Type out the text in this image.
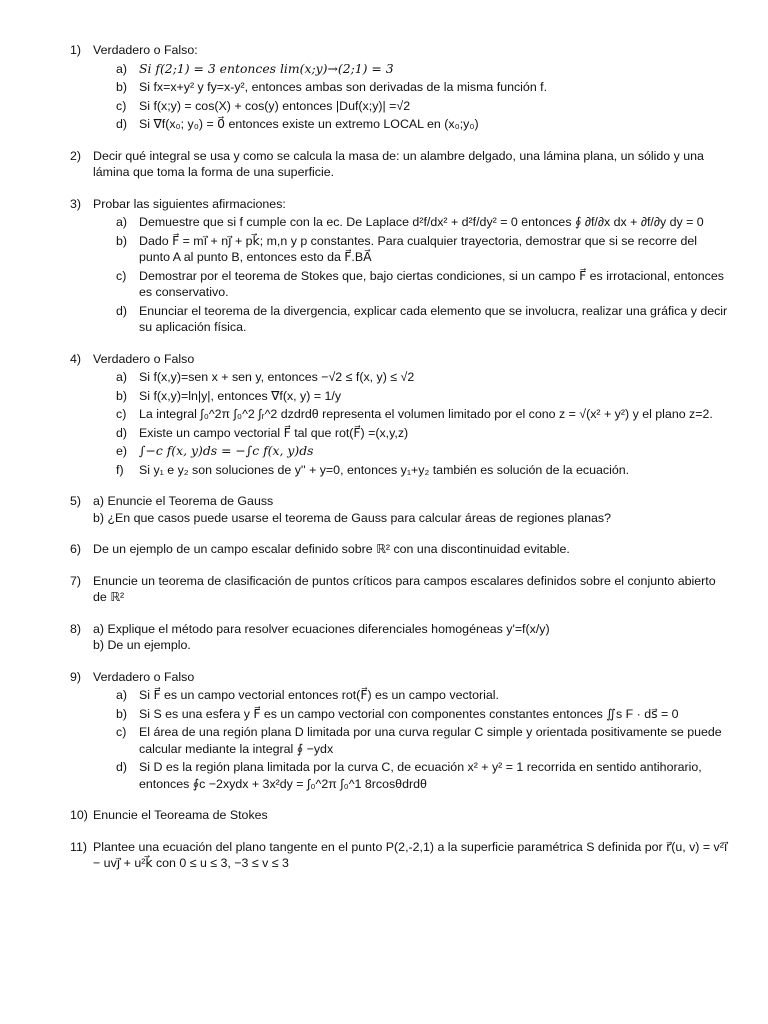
1) Verdadero o Falso:
a) Si f(2;1) = 3 entonces lim(x;y)→(2;1) = 3
b) Si fx=x+y² y fy=x-y², entonces ambas son derivadas de la misma función f.
c) Si f(x;y) = cos(X) + cos(y) entonces |Duf(x;y)| =√2
d) Si ∇f(x₀; y₀) = 0⃗ entonces existe un extremo LOCAL en (x₀;y₀)
2) Decir qué integral se usa y como se calcula la masa de: un alambre delgado, una lámina plana, un sólido y una lámina que toma la forma de una superficie.
3) Probar las siguientes afirmaciones:
a) Demuestre que si f cumple con la ec. De Laplace d²f/dx² + d²f/dy² = 0 entonces ∮ ∂f/∂x dx + ∂f/∂y dy = 0
b) Dado F⃗ = mi⃗ + nj⃗ + pk⃗; m,n y p constantes. Para cualquier trayectoria, demostrar que si se recorre del punto A al punto B, entonces esto da F⃗.BA⃗
c) Demostrar por el teorema de Stokes que, bajo ciertas condiciones, si un campo F⃗ es irrotacional, entonces es conservativo.
d) Enunciar el teorema de la divergencia, explicar cada elemento que se involucra, realizar una gráfica y decir su aplicación física.
4) Verdadero o Falso
a) Si f(x,y)=sen x + sen y, entonces −√2 ≤ f(x, y) ≤ √2
b) Si f(x,y)=ln|y|, entonces ∇f(x, y) = 1/y
c) La integral ∫₀^2π ∫₀^2 ∫ᵣ^2 dzdrdθ representa el volumen limitado por el cono z = √(x² + y²) y el plano z=2.
d) Existe un campo vectorial F⃗ tal que rot(F⃗) =(x,y,z)
e) ∫−c f(x, y)ds = −∫c f(x, y)ds
f) Si y₁ e y₂ son soluciones de y'' + y=0, entonces y₁+y₂ también es solución de la ecuación.
5) a) Enuncie el Teorema de Gauss
b) ¿En que casos puede usarse el teorema de Gauss para calcular áreas de regiones planas?
6) De un ejemplo de un campo escalar definido sobre ℝ² con una discontinuidad evitable.
7) Enuncie un teorema de clasificación de puntos críticos para campos escalares definidos sobre el conjunto abierto de ℝ²
8) a) Explique el método para resolver ecuaciones diferenciales homogéneas y'=f(x/y)
b) De un ejemplo.
9) Verdadero o Falso
a) Si F⃗ es un campo vectorial entonces rot(F⃗) es un campo vectorial.
b) Si S es una esfera y F⃗ es un campo vectorial con componentes constantes entonces ∬s F · ds⃗ = 0
c) El área de una región plana D limitada por una curva regular C simple y orientada positivamente se puede calcular mediante la integral ∮ −ydx
d) Si D es la región plana limitada por la curva C, de ecuación x² + y² = 1 recorrida en sentido antihorario, entonces ∮c −2xydx + 3x²dy = ∫₀^2π ∫₀^1 8rcosθdrdθ
10) Enuncie el Teoreama de Stokes
11) Plantee una ecuación del plano tangente en el punto P(2,-2,1) a la superficie paramétrica S definida por r⃗(u, v) = v²i⃗ − uvj⃗ + u²k⃗ con 0 ≤ u ≤ 3, −3 ≤ v ≤ 3
